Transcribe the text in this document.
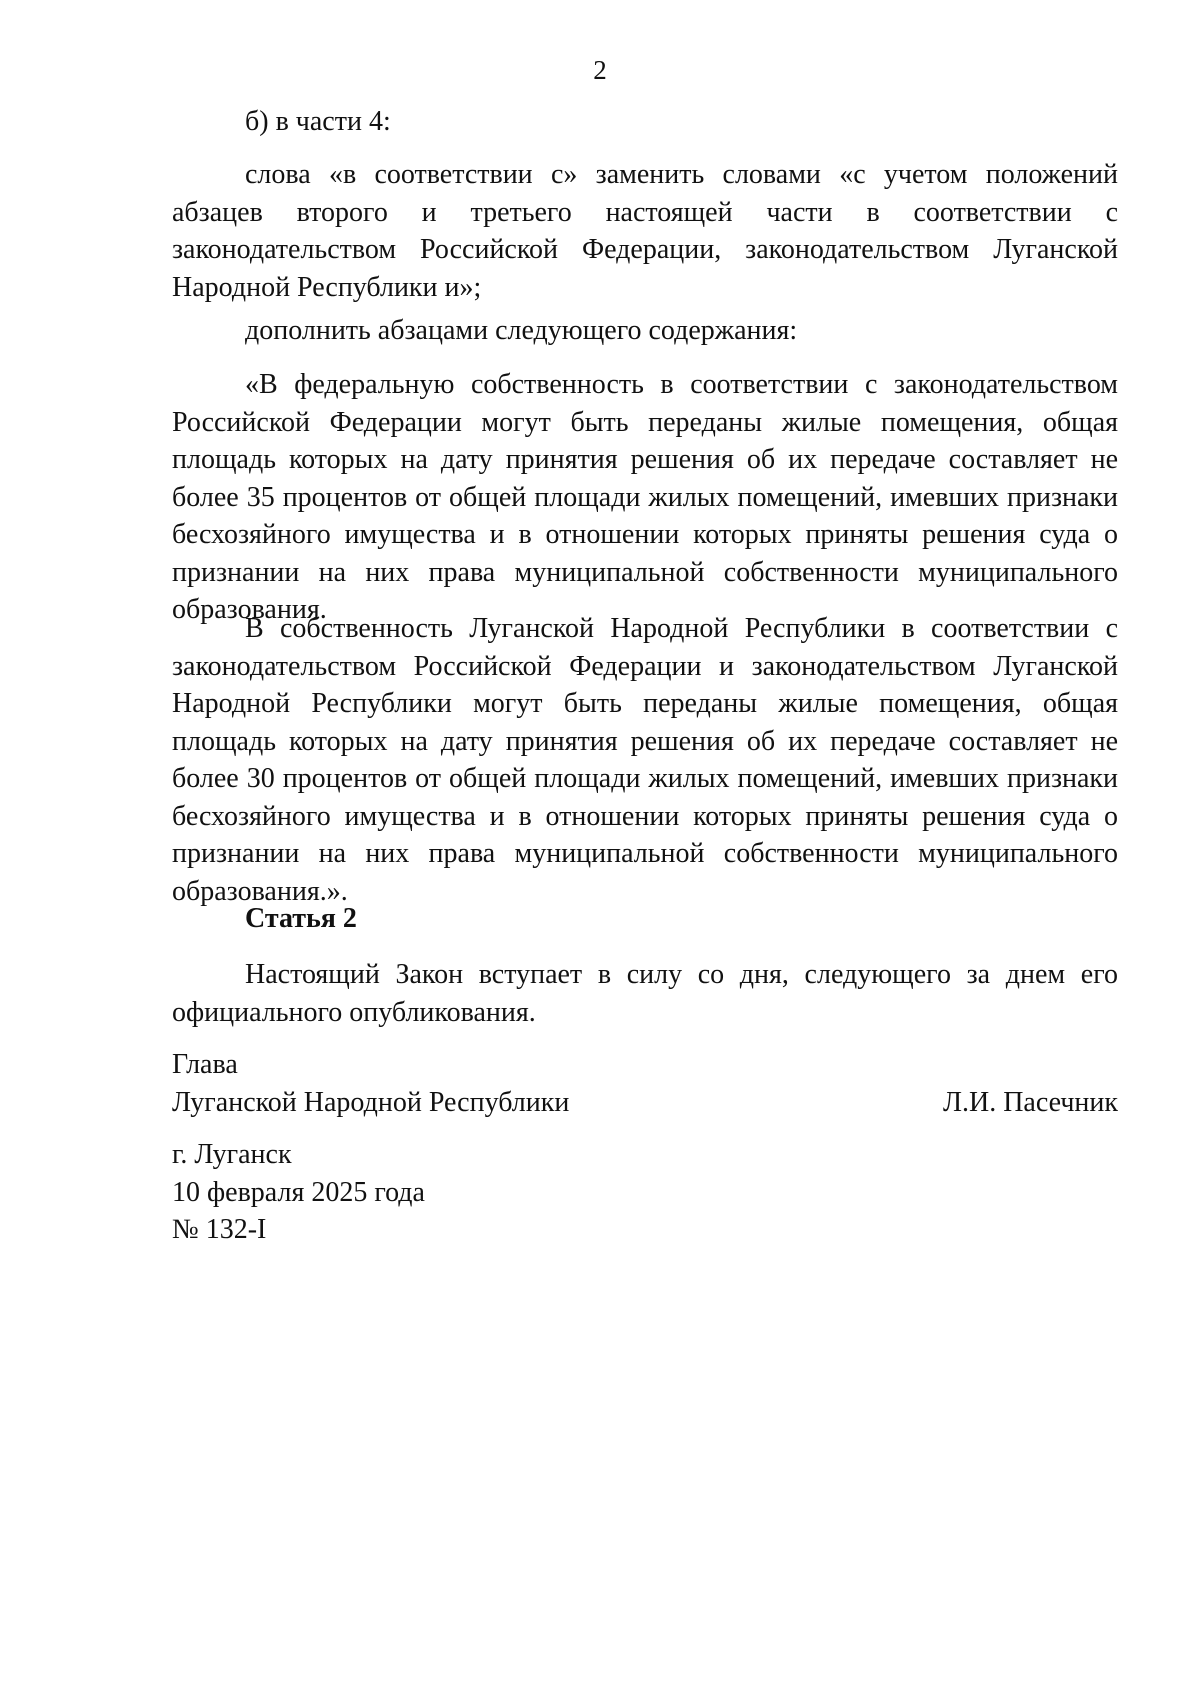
2

б) в части 4:

слова «в соответствии с» заменить словами «с учетом положений абзацев второго и третьего настоящей части в соответствии с законодательством Российской Федерации, законодательством Луганской Народной Республики и»;

дополнить абзацами следующего содержания:

«В федеральную собственность в соответствии с законодательством Российской Федерации могут быть переданы жилые помещения, общая площадь которых на дату принятия решения об их передаче составляет не более 35 процентов от общей площади жилых помещений, имевших признаки бесхозяйного имущества и в отношении которых приняты решения суда о признании на них права муниципальной собственности муниципального образования.

В собственность Луганской Народной Республики в соответствии с законодательством Российской Федерации и законодательством Луганской Народной Республики могут быть переданы жилые помещения, общая площадь которых на дату принятия решения об их передаче составляет не более 30 процентов от общей площади жилых помещений, имевших признаки бесхозяйного имущества и в отношении которых приняты решения суда о признании на них права муниципальной собственности муниципального образования.».

Статья 2

Настоящий Закон вступает в силу со дня, следующего за днем его официального опубликования.

Глава
Луганской Народной Республики	Л.И. Пасечник
г. Луганск
10 февраля 2025 года
№ 132-I
